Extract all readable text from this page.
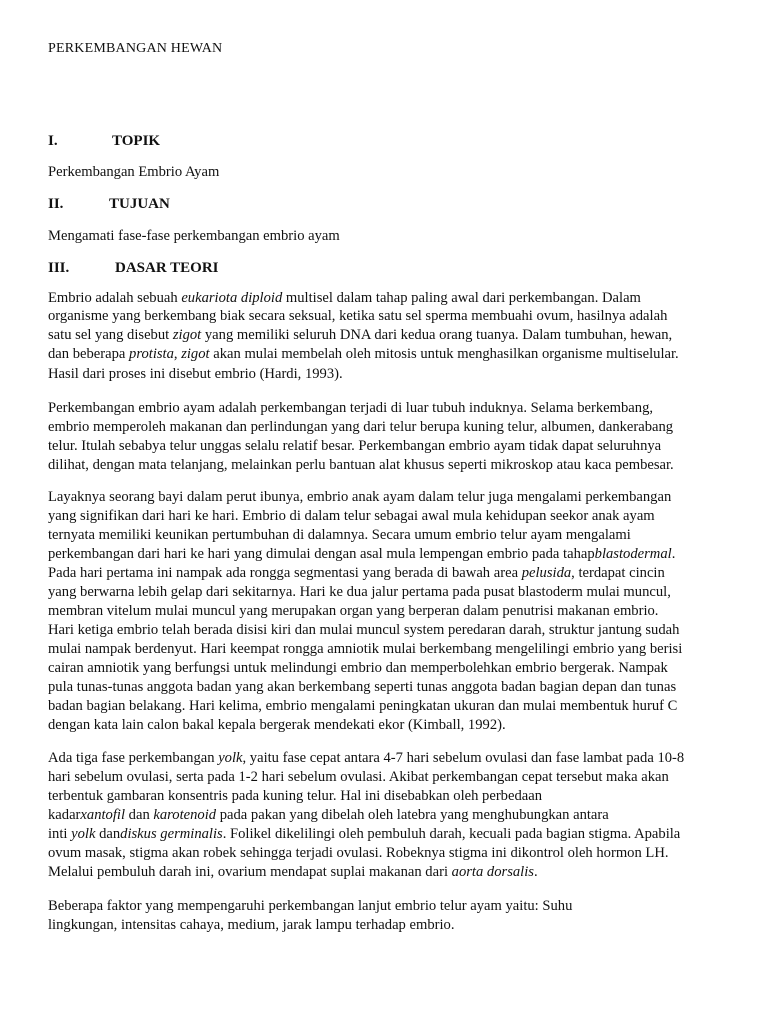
PERKEMBANGAN HEWAN
I.	TOPIK
Perkembangan Embrio Ayam
II.	TUJUAN
Mengamati fase-fase perkembangan embrio ayam
III.	DASAR TEORI
Embrio adalah sebuah eukariota diploid multisel dalam tahap paling awal dari perkembangan. Dalam
organisme yang berkembang biak secara seksual, ketika satu sel sperma membuahi ovum, hasilnya adalah
satu sel yang disebut zigot yang memiliki seluruh DNA dari kedua orang tuanya. Dalam tumbuhan, hewan,
dan beberapa protista, zigot akan mulai membelah oleh mitosis untuk menghasilkan organisme multiselular.
Hasil dari proses ini disebut embrio (Hardi, 1993).
Perkembangan embrio ayam adalah perkembangan terjadi di luar tubuh induknya. Selama berkembang,
embrio memperoleh makanan dan perlindungan yang dari telur berupa kuning telur, albumen, dankerabang
telur. Itulah sebabya telur unggas selalu relatif besar. Perkembangan embrio ayam tidak dapat seluruhnya
dilihat, dengan mata telanjang, melainkan perlu bantuan alat khusus seperti mikroskop atau kaca pembesar.
Layaknya seorang bayi dalam perut ibunya, embrio anak ayam dalam telur juga mengalami perkembangan
yang signifikan dari hari ke hari. Embrio di dalam telur sebagai awal mula kehidupan seekor anak ayam
ternyata memiliki keunikan pertumbuhan di dalamnya. Secara umum embrio telur ayam mengalami
perkembangan dari hari ke hari yang dimulai dengan asal mula lempengan embrio pada tahapblastodermal.
Pada hari pertama ini nampak ada rongga segmentasi yang berada di bawah area pelusida, terdapat cincin
yang berwarna lebih gelap dari sekitarnya. Hari ke dua jalur pertama pada pusat blastoderm mulai muncul,
membran vitelum mulai muncul yang merupakan organ yang berperan dalam penutrisi makanan embrio.
Hari ketiga embrio telah berada disisi kiri dan mulai muncul system peredaran darah, struktur jantung sudah
mulai nampak berdenyut. Hari keempat rongga amniotik mulai berkembang mengelilingi embrio yang berisi
cairan amniotik yang berfungsi untuk melindungi embrio dan memperbolehkan embrio bergerak. Nampak
pula tunas-tunas anggota badan yang akan berkembang seperti tunas anggota badan bagian depan dan tunas
badan bagian belakang. Hari kelima, embrio mengalami peningkatan ukuran dan mulai membentuk huruf C
dengan kata lain calon bakal kepala bergerak mendekati ekor (Kimball, 1992).
Ada tiga fase perkembangan yolk, yaitu fase cepat antara 4-7 hari sebelum ovulasi dan fase lambat pada 10-8
hari sebelum ovulasi, serta pada 1-2 hari sebelum ovulasi. Akibat perkembangan cepat tersebut maka akan
terbentuk gambaran konsentris pada kuning telur. Hal ini disebabkan oleh perbedaan
kadarxantofil dan karotenoid pada pakan yang dibelah oleh latebra yang menghubungkan antara
inti yolk dandiskus germinalis. Folikel dikelilingi oleh pembuluh darah, kecuali pada bagian stigma. Apabila
ovum masak, stigma akan robek sehingga terjadi ovulasi. Robeknya stigma ini dikontrol oleh hormon LH.
Melalui pembuluh darah ini, ovarium mendapat suplai makanan dari aorta dorsalis.
Beberapa faktor yang mempengaruhi perkembangan lanjut embrio telur ayam yaitu: Suhu
lingkungan, intensitas cahaya, medium, jarak lampu terhadap embrio.
